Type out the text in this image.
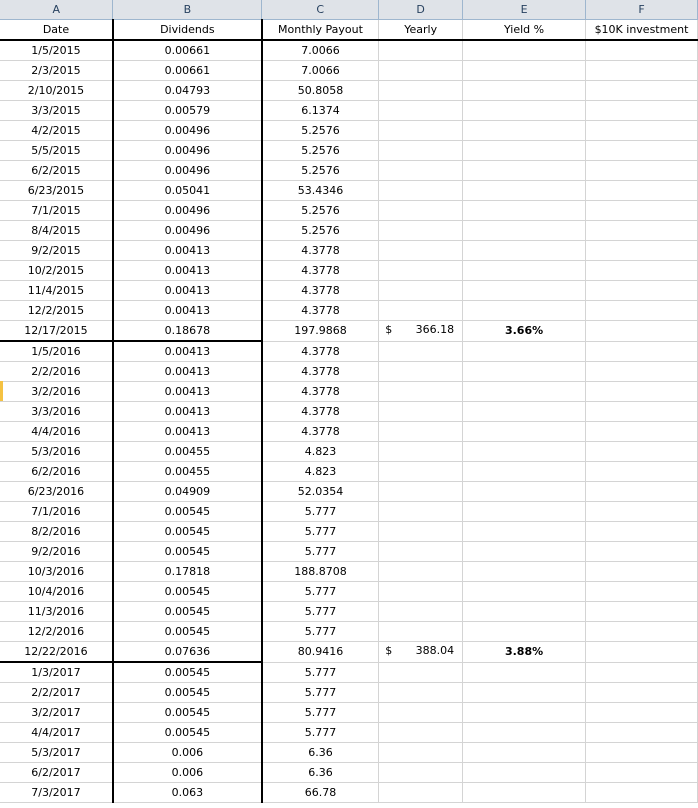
A	B	C	D	E	F
Date	Dividends	Monthly Payout	Yearly	Yield %	$10K investment
1/5/2015	0.00661	7.0066			
2/3/2015	0.00661	7.0066			
2/10/2015	0.04793	50.8058			
3/3/2015	0.00579	6.1374			
4/2/2015	0.00496	5.2576			
5/5/2015	0.00496	5.2576			
6/2/2015	0.00496	5.2576			
6/23/2015	0.05041	53.4346			
7/1/2015	0.00496	5.2576			
8/4/2015	0.00496	5.2576			
9/2/2015	0.00413	4.3778			
10/2/2015	0.00413	4.3778			
11/4/2015	0.00413	4.3778			
12/2/2015	0.00413	4.3778			
12/17/2015	0.18678	197.9868	$ 366.18	3.66%	
1/5/2016	0.00413	4.3778			
2/2/2016	0.00413	4.3778			
3/2/2016	0.00413	4.3778			
3/3/2016	0.00413	4.3778			
4/4/2016	0.00413	4.3778			
5/3/2016	0.00455	4.823			
6/2/2016	0.00455	4.823			
6/23/2016	0.04909	52.0354			
7/1/2016	0.00545	5.777			
8/2/2016	0.00545	5.777			
9/2/2016	0.00545	5.777			
10/3/2016	0.17818	188.8708			
10/4/2016	0.00545	5.777			
11/3/2016	0.00545	5.777			
12/2/2016	0.00545	5.777			
12/22/2016	0.07636	80.9416	$ 388.04	3.88%	
1/3/2017	0.00545	5.777			
2/2/2017	0.00545	5.777			
3/2/2017	0.00545	5.777			
4/4/2017	0.00545	5.777			
5/3/2017	0.006	6.36			
6/2/2017	0.006	6.36			
7/3/2017	0.063	66.78			
